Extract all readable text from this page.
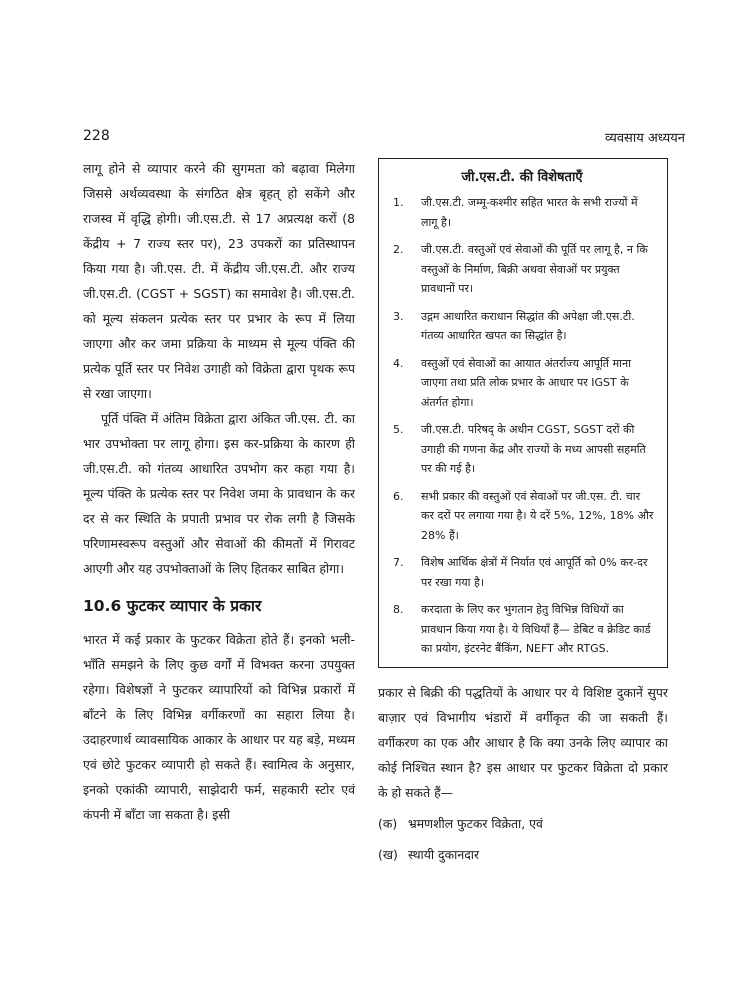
228	व्यवसाय अध्ययन

लागू होने से व्यापार करने की सुगमता को बढ़ावा मिलेगा जिससे अर्थव्यवस्था के संगठित क्षेत्र बृहत् हो सकेंगे और राजस्व में वृद्धि होगी। जी.एस.टी. से 17 अप्रत्यक्ष करों (8 केंद्रीय + 7 राज्य स्तर पर), 23 उपकरों का प्रतिस्थापन किया गया है। जी.एस. टी. में केंद्रीय जी.एस.टी. और राज्य जी.एस.टी. (CGST + SGST) का समावेश है। जी.एस.टी. को मूल्य संकलन प्रत्येक स्तर पर प्रभार के रूप में लिया जाएगा और कर जमा प्रक्रिया के माध्यम से मूल्य पंक्ति की प्रत्येक पूर्ति स्तर पर निवेश उगाही को विक्रेता द्वारा पृथक रूप से रखा जाएगा।

पूर्ति पंक्ति में अंतिम विक्रेता द्वारा अंकित जी.एस. टी. का भार उपभोक्ता पर लागू होगा। इस कर-प्रक्रिया के कारण ही जी.एस.टी. को गंतव्य आधारित उपभोग कर कहा गया है। मूल्य पंक्ति के प्रत्येक स्तर पर निवेश जमा के प्रावधान के कर दर से कर स्थिति के प्रपाती प्रभाव पर रोक लगी है जिसके परिणामस्वरूप वस्तुओं और सेवाओं की कीमतों में गिरावट आएगी और यह उपभोक्ताओं के लिए हितकर साबित होगा।

10.6 फुटकर व्यापार के प्रकार

भारत में कई प्रकार के फुटकर विक्रेता होते हैं। इनको भली-भाँति समझने के लिए कुछ वर्गों में विभक्त करना उपयुक्त रहेगा। विशेषज्ञों ने फुटकर व्यापारियों को विभिन्न प्रकारों में बाँटने के लिए विभिन्न वर्गीकरणों का सहारा लिया है। उदाहरणार्थ व्यावसायिक आकार के आधार पर यह बड़े, मध्यम एवं छोटे फुटकर व्यापारी हो सकते हैं। स्वामित्व के अनुसार, इनको एकांकी व्यापारी, साझेदारी फर्म, सहकारी स्टोर एवं कंपनी में बाँटा जा सकता है। इसी

जी.एस.टी. की विशेषताएँ
1.	जी.एस.टी. जम्मू-कश्मीर सहित भारत के सभी राज्यों में लागू है।
2.	जी.एस.टी. वस्तुओं एवं सेवाओं की पूर्ति पर लागू है, न कि वस्तुओं के निर्माण, बिक्री अथवा सेवाओं पर प्रयुक्त प्रावधानों पर।
3.	उद्गम आधारित कराधान सिद्धांत की अपेक्षा जी.एस.टी. गंतव्य आधारित खपत का सिद्धांत है।
4.	वस्तुओं एवं सेवाओं का आयात अंतर्राज्य आपूर्ति माना जाएगा तथा प्रति लोक प्रभार के आधार पर IGST के अंतर्गत होगा।
5.	जी.एस.टी. परिषद् के अधीन CGST, SGST दरों की उगाही की गणना केंद्र और राज्यों के मध्य आपसी सहमति पर की गई है।
6.	सभी प्रकार की वस्तुओं एवं सेवाओं पर जी.एस. टी. चार कर दरों पर लगाया गया है। ये दरें 5%, 12%, 18% और 28% हैं।
7.	विशेष आर्थिक क्षेत्रों में निर्यात एवं आपूर्ति को 0% कर-दर पर रखा गया है।
8.	करदाता के लिए कर भुगतान हेतु विभिन्न विधियों का प्रावधान किया गया है। ये विधियाँ हैं— डेबिट व क्रेडिट कार्ड का प्रयोग, इंटरनेट बैंकिंग, NEFT और RTGS.

प्रकार से बिक्री की पद्धतियों के आधार पर ये विशिष्ट दुकानें सुपर बाज़ार एवं विभागीय भंडारों में वर्गीकृत की जा सकती हैं। वर्गीकरण का एक और आधार है कि क्या उनके लिए व्यापार का कोई निश्चित स्थान है? इस आधार पर फुटकर विक्रेता दो प्रकार के हो सकते हैं—

(क) भ्रमणशील फुटकर विक्रेता, एवं
(ख) स्थायी दुकानदार
